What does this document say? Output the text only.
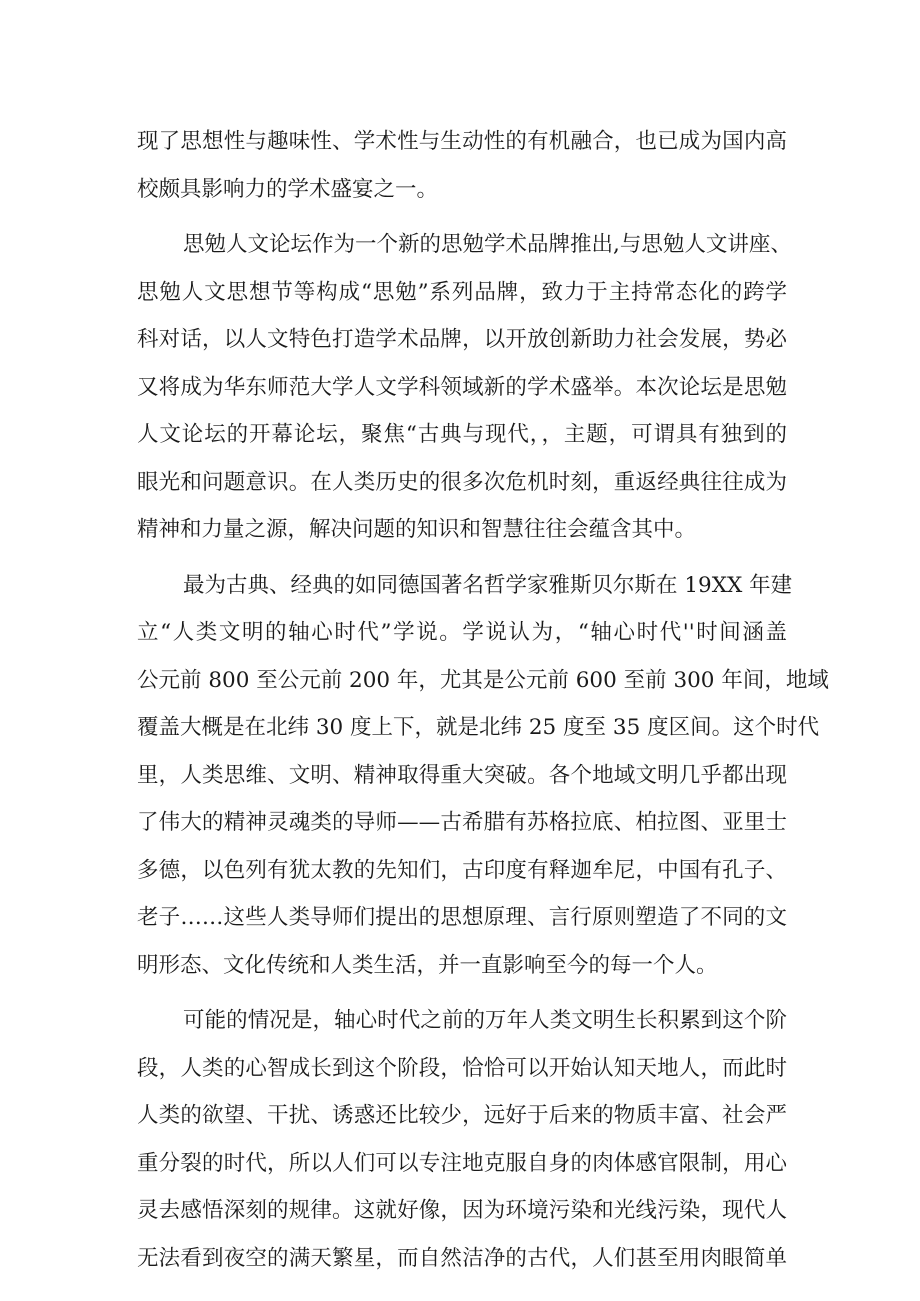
现了思想性与趣味性、学术性与生动性的有机融合，也已成为国内高
校颇具影响力的学术盛宴之一。
思勉人文论坛作为一个新的思勉学术品牌推出,与思勉人文讲座、
思勉人文思想节等构成“思勉”系列品牌，致力于主持常态化的跨学
科对话，以人文特色打造学术品牌，以开放创新助力社会发展，势必
又将成为华东师范大学人文学科领域新的学术盛举。本次论坛是思勉
人文论坛的开幕论坛，聚焦“古典与现代，，主题，可谓具有独到的
眼光和问题意识。在人类历史的很多次危机时刻，重返经典往往成为
精神和力量之源，解决问题的知识和智慧往往会蕴含其中。
最为古典、经典的如同德国著名哲学家雅斯贝尔斯在 19XX 年建
立“人类文明的轴心时代”学说。学说认为，“轴心时代''时间涵盖
公元前 800 至公元前 200 年，尤其是公元前 600 至前 300 年间，地域
覆盖大概是在北纬 30 度上下，就是北纬 25 度至 35 度区间。这个时代
里，人类思维、文明、精神取得重大突破。各个地域文明几乎都出现
了伟大的精神灵魂类的导师——古希腊有苏格拉底、柏拉图、亚里士
多德，以色列有犹太教的先知们，古印度有释迦牟尼，中国有孔子、
老子……这些人类导师们提出的思想原理、言行原则塑造了不同的文
明形态、文化传统和人类生活，并一直影响至今的每一个人。
可能的情况是，轴心时代之前的万年人类文明生长积累到这个阶
段，人类的心智成长到这个阶段，恰恰可以开始认知天地人，而此时
人类的欲望、干扰、诱惑还比较少，远好于后来的物质丰富、社会严
重分裂的时代，所以人们可以专注地克服自身的肉体感官限制，用心
灵去感悟深刻的规律。这就好像，因为环境污染和光线污染，现代人
无法看到夜空的满天繁星，而自然洁净的古代，人们甚至用肉眼简单
